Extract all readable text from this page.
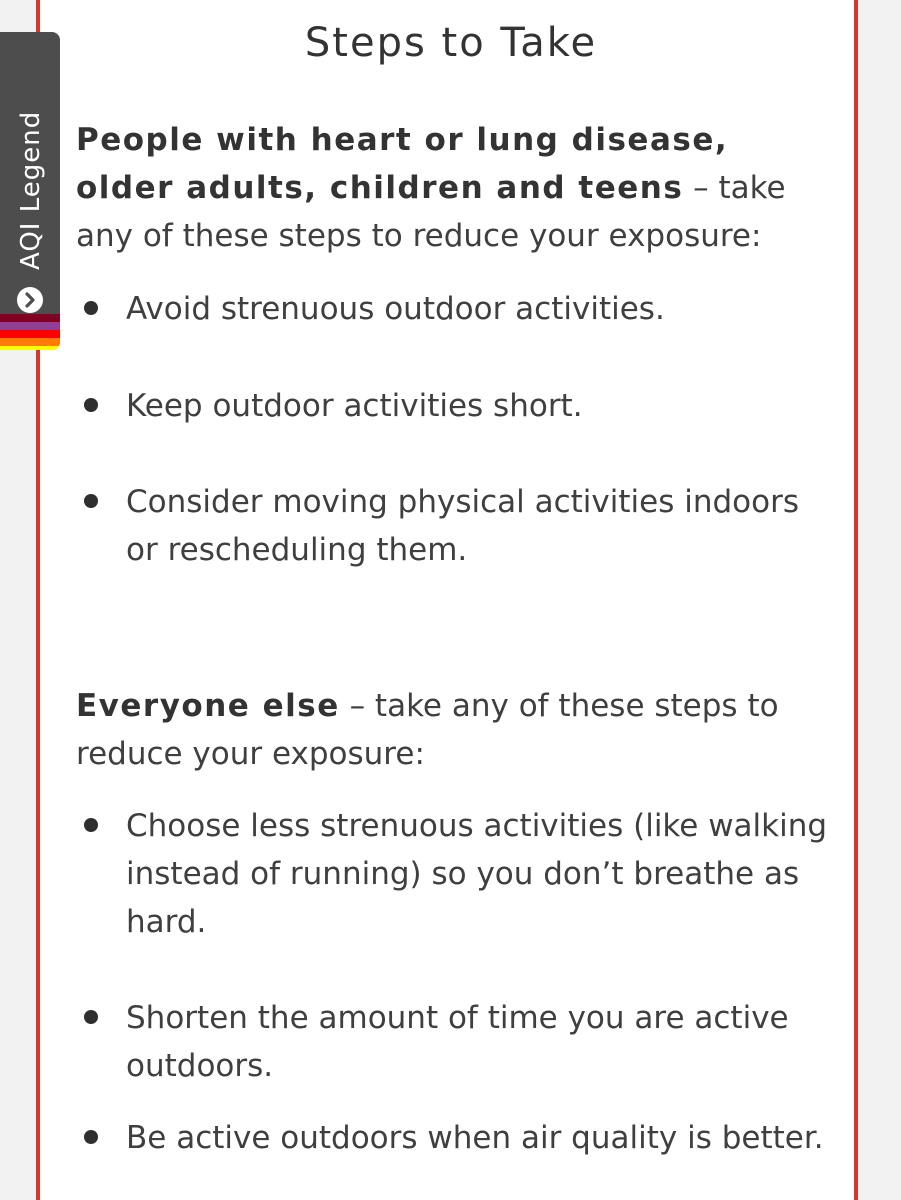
Steps to Take

People with heart or lung disease, older adults, children and teens – take any of these steps to reduce your exposure:

Avoid strenuous outdoor activities.
Keep outdoor activities short.
Consider moving physical activities indoors or rescheduling them.

Everyone else – take any of these steps to reduce your exposure:

Choose less strenuous activities (like walking instead of running) so you don’t breathe as hard.
Shorten the amount of time you are active outdoors.
Be active outdoors when air quality is better.
AQI Legend
